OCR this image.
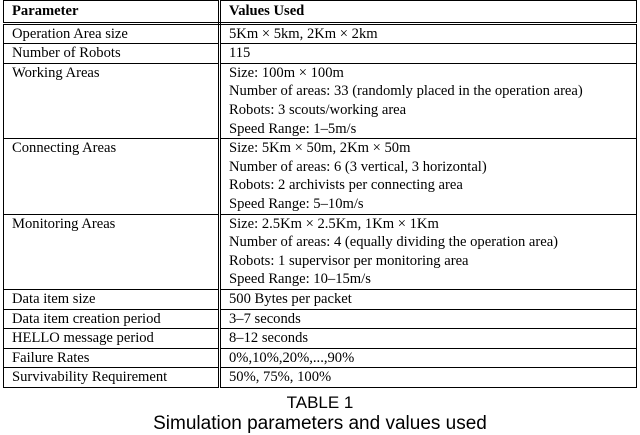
Parameter	Values Used
Operation Area size	5Km × 5km, 2Km × 2km

Number of Robots	115

Working Areas	Size: 100m × 100m
Number of areas: 33 (randomly placed in the operation area)
Robots: 3 scouts/working area
Speed Range: 1–5m/s

Connecting Areas	Size: 5Km × 50m, 2Km × 50m
Number of areas: 6 (3 vertical, 3 horizontal)
Robots: 2 archivists per connecting area
Speed Range: 5–10m/s

Monitoring Areas	Size: 2.5Km × 2.5Km, 1Km × 1Km
Number of areas: 4 (equally dividing the operation area)
Robots: 1 supervisor per monitoring area
Speed Range: 10–15m/s

Data item size	500 Bytes per packet

Data item creation period	3–7 seconds

HELLO message period	8–12 seconds

Failure Rates	0%,10%,20%,...,90%

Survivability Requirement	50%, 75%, 100%
TABLE 1
Simulation parameters and values used
